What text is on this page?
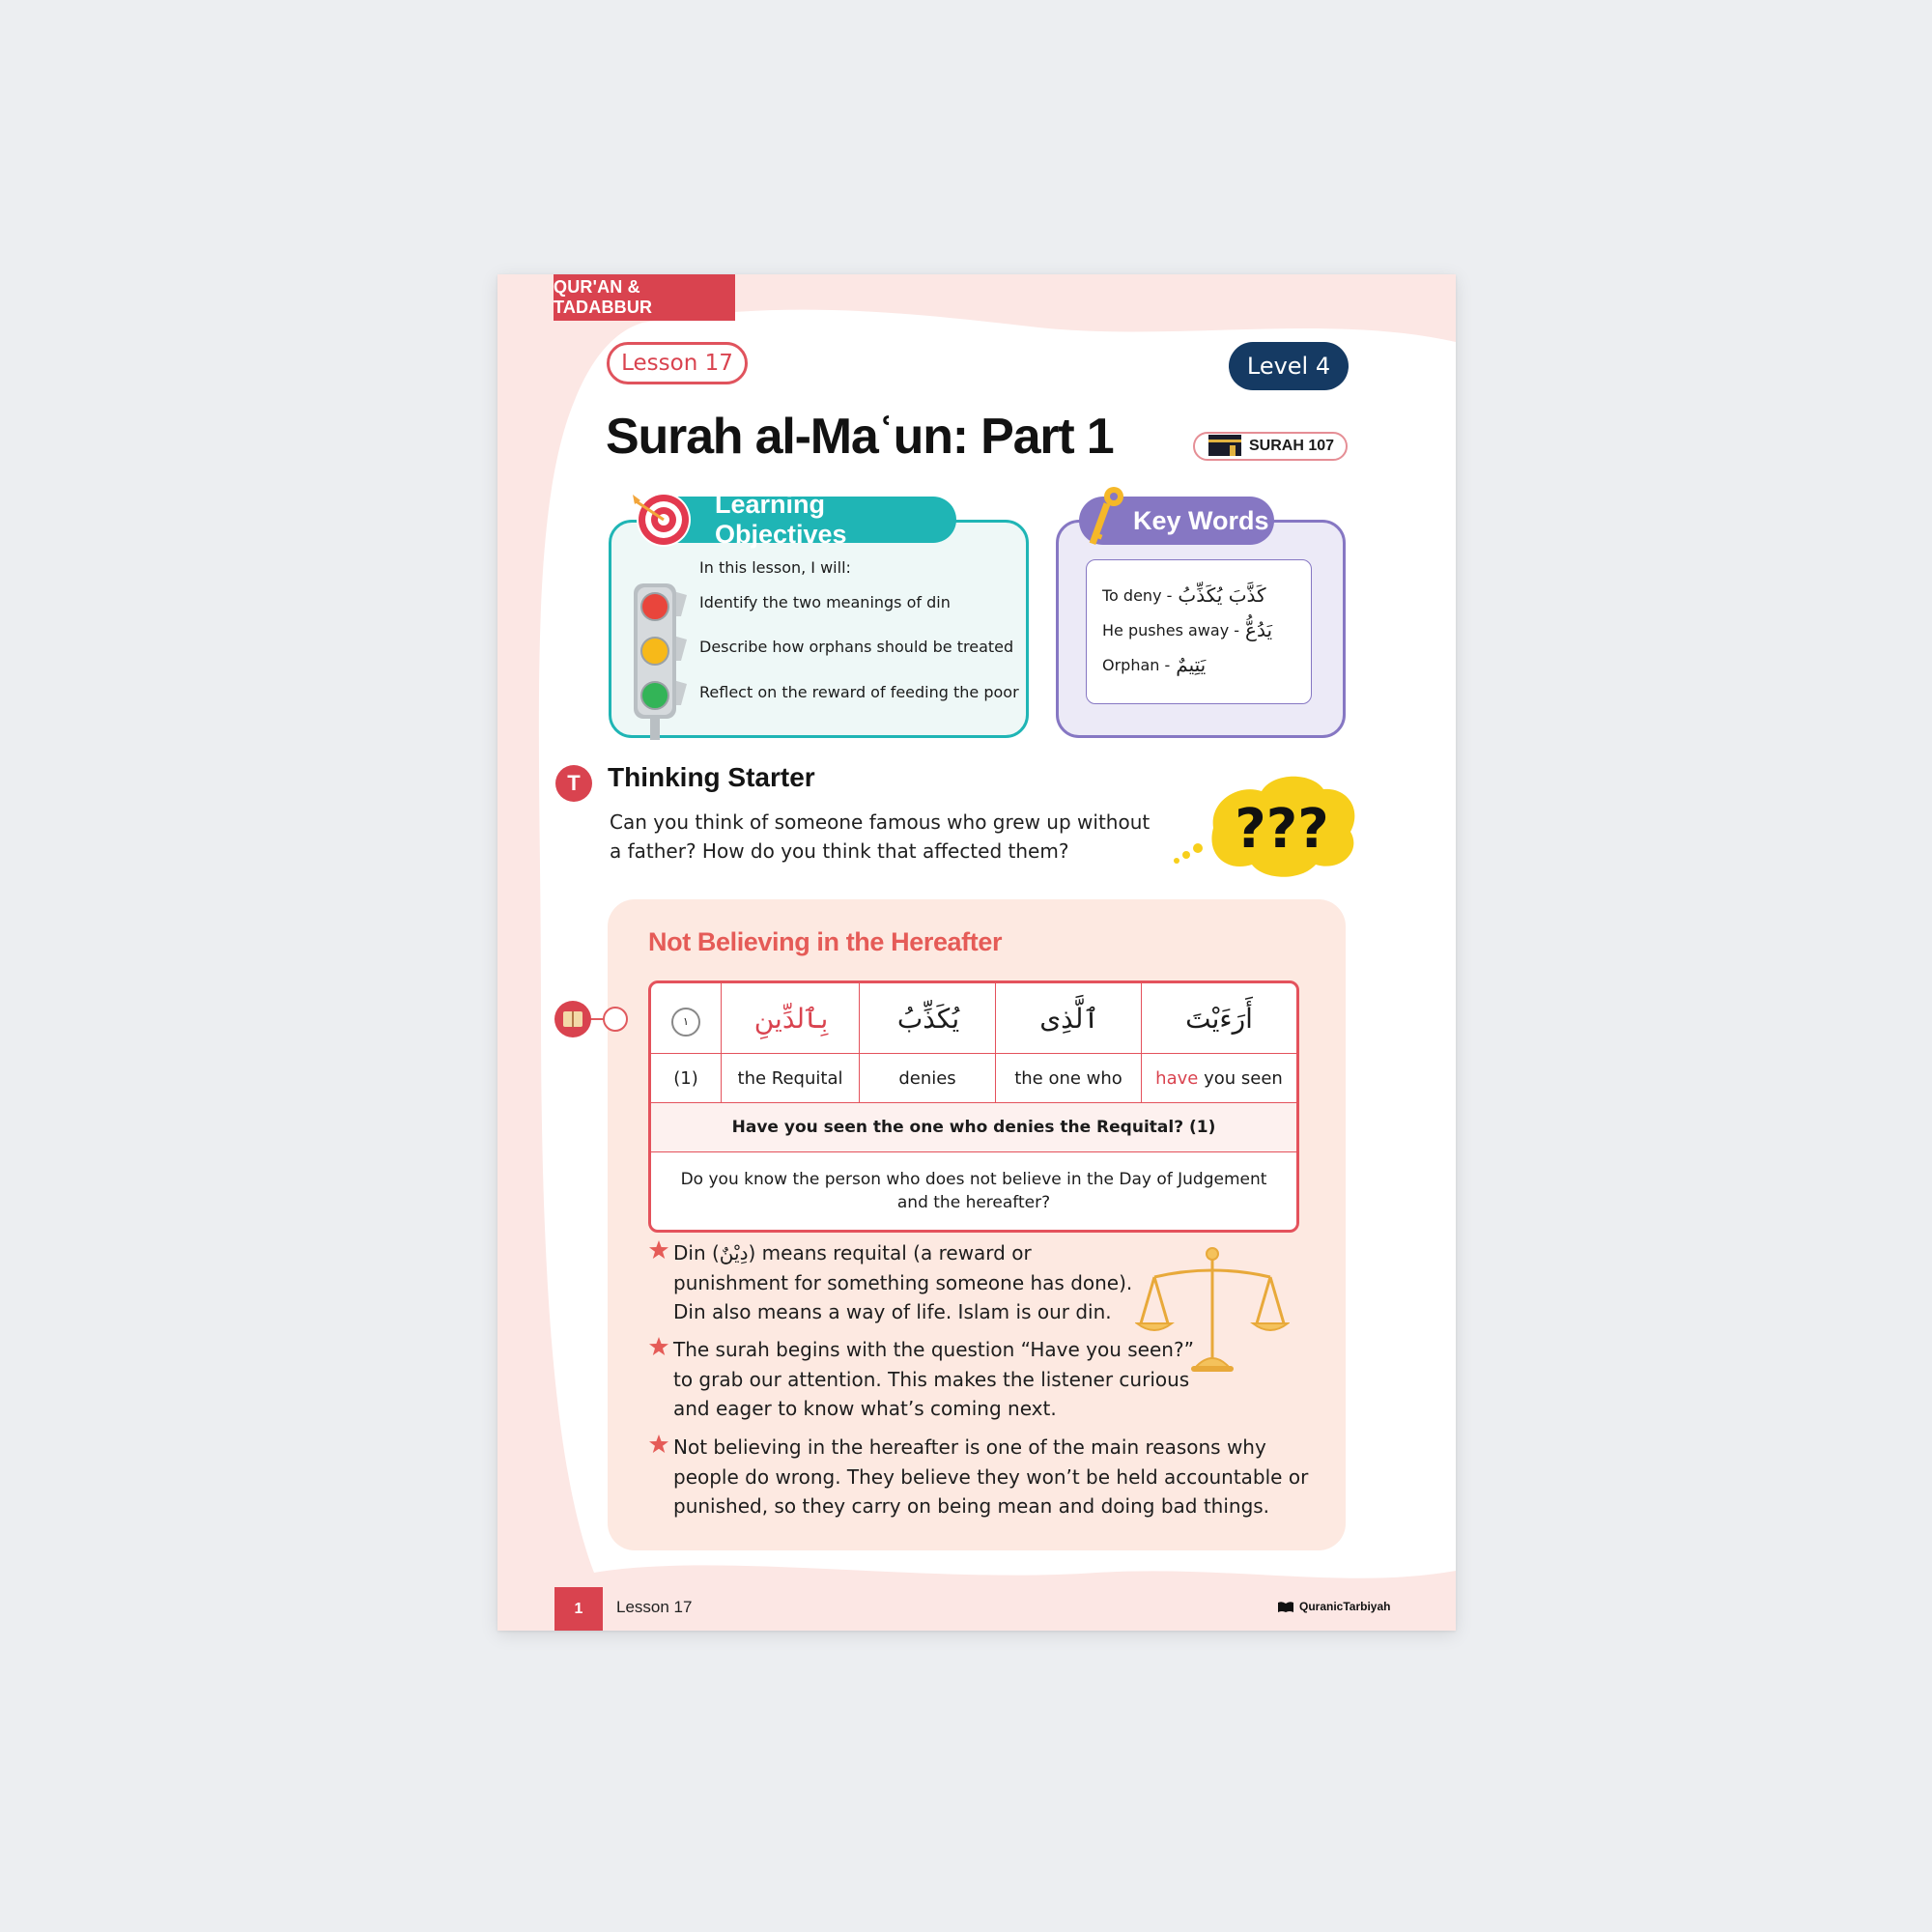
QUR'AN & TADABBUR
Lesson 17	Level 4
Surah al-Maʿun: Part 1	SURAH 107
Learning Objectives
In this lesson, I will:
Identify the two meanings of din
Describe how orphans should be treated
Reflect on the reward of feeding the poor
Key Words
To deny - كَذَّبَ يُكَذِّبُ
He pushes away - يَدُعُّ
Orphan - يَتِيمٌ
T	Thinking Starter
Can you think of someone famous who grew up without a father? How do you think that affected them?	???
Not Believing in the Hereafter
١	بِٱلدِّينِ	يُكَذِّبُ	ٱلَّذِى	أَرَءَيْتَ
(1)	the Requital	denies	the one who	have you seen
Have you seen the one who denies the Requital? (1)				
Do you know the person who does not believe in the Day of Judgement and the hereafter?				
Din (دِيْنٌ) means requital (a reward or punishment for something someone has done). Din also means a way of life. Islam is our din.
The surah begins with the question “Have you seen?” to grab our attention. This makes the listener curious and eager to know what’s coming next.
Not believing in the hereafter is one of the main reasons why people do wrong. They believe they won’t be held accountable or punished, so they carry on being mean and doing bad things.
1	Lesson 17	QuranicTarbiyah
